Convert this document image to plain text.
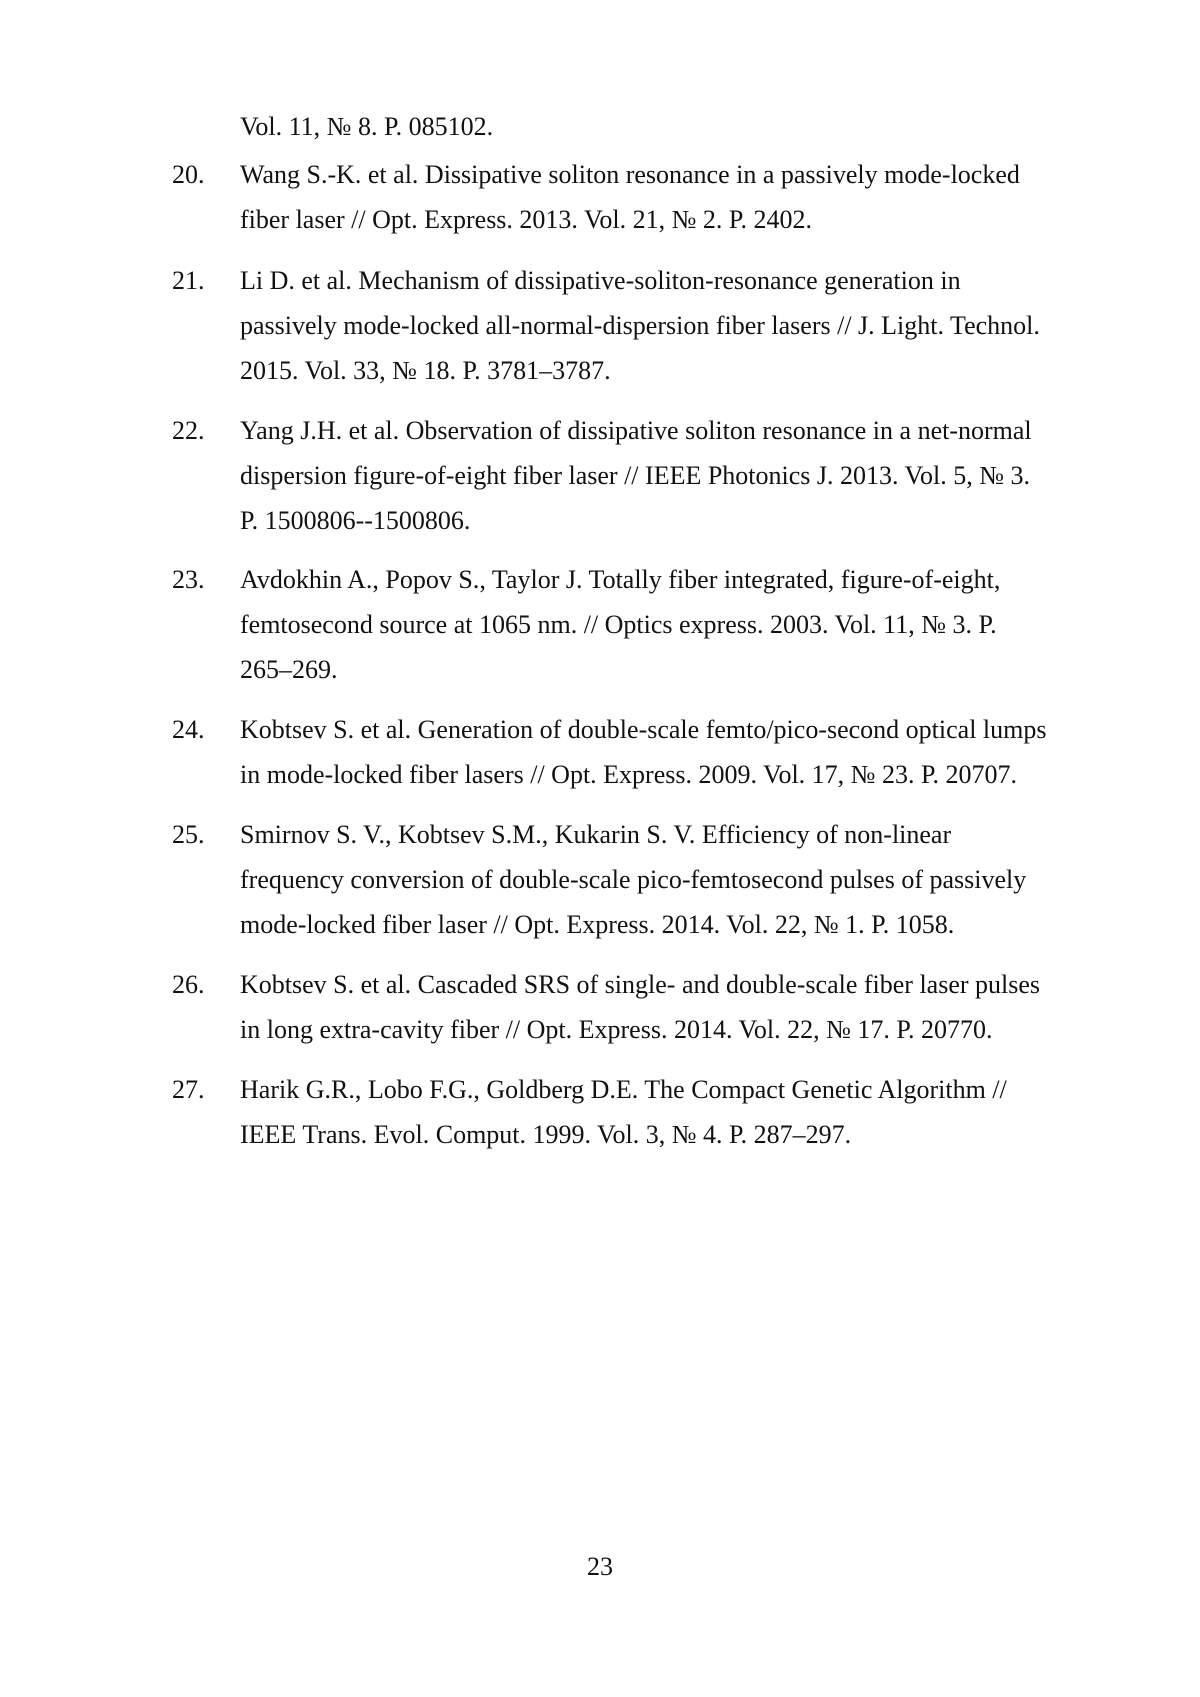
Vol. 11, № 8. P. 085102.
20. Wang S.-K. et al. Dissipative soliton resonance in a passively mode-locked
fiber laser // Opt. Express. 2013. Vol. 21, № 2. P. 2402.
21. Li D. et al. Mechanism of dissipative-soliton-resonance generation in
passively mode-locked all-normal-dispersion fiber lasers // J. Light. Technol.
2015. Vol. 33, № 18. P. 3781–3787.
22. Yang J.H. et al. Observation of dissipative soliton resonance in a net-normal
dispersion figure-of-eight fiber laser // IEEE Photonics J. 2013. Vol. 5, № 3.
P. 1500806--1500806.
23. Avdokhin A., Popov S., Taylor J. Totally fiber integrated, figure-of-eight,
femtosecond source at 1065 nm. // Optics express. 2003. Vol. 11, № 3. P.
265–269.
24. Kobtsev S. et al. Generation of double-scale femto/pico-second optical lumps
in mode-locked fiber lasers // Opt. Express. 2009. Vol. 17, № 23. P. 20707.
25. Smirnov S. V., Kobtsev S.M., Kukarin S. V. Efficiency of non-linear
frequency conversion of double-scale pico-femtosecond pulses of passively
mode-locked fiber laser // Opt. Express. 2014. Vol. 22, № 1. P. 1058.
26. Kobtsev S. et al. Cascaded SRS of single- and double-scale fiber laser pulses
in long extra-cavity fiber // Opt. Express. 2014. Vol. 22, № 17. P. 20770.
27. Harik G.R., Lobo F.G., Goldberg D.E. The Compact Genetic Algorithm //
IEEE Trans. Evol. Comput. 1999. Vol. 3, № 4. P. 287–297.
23
